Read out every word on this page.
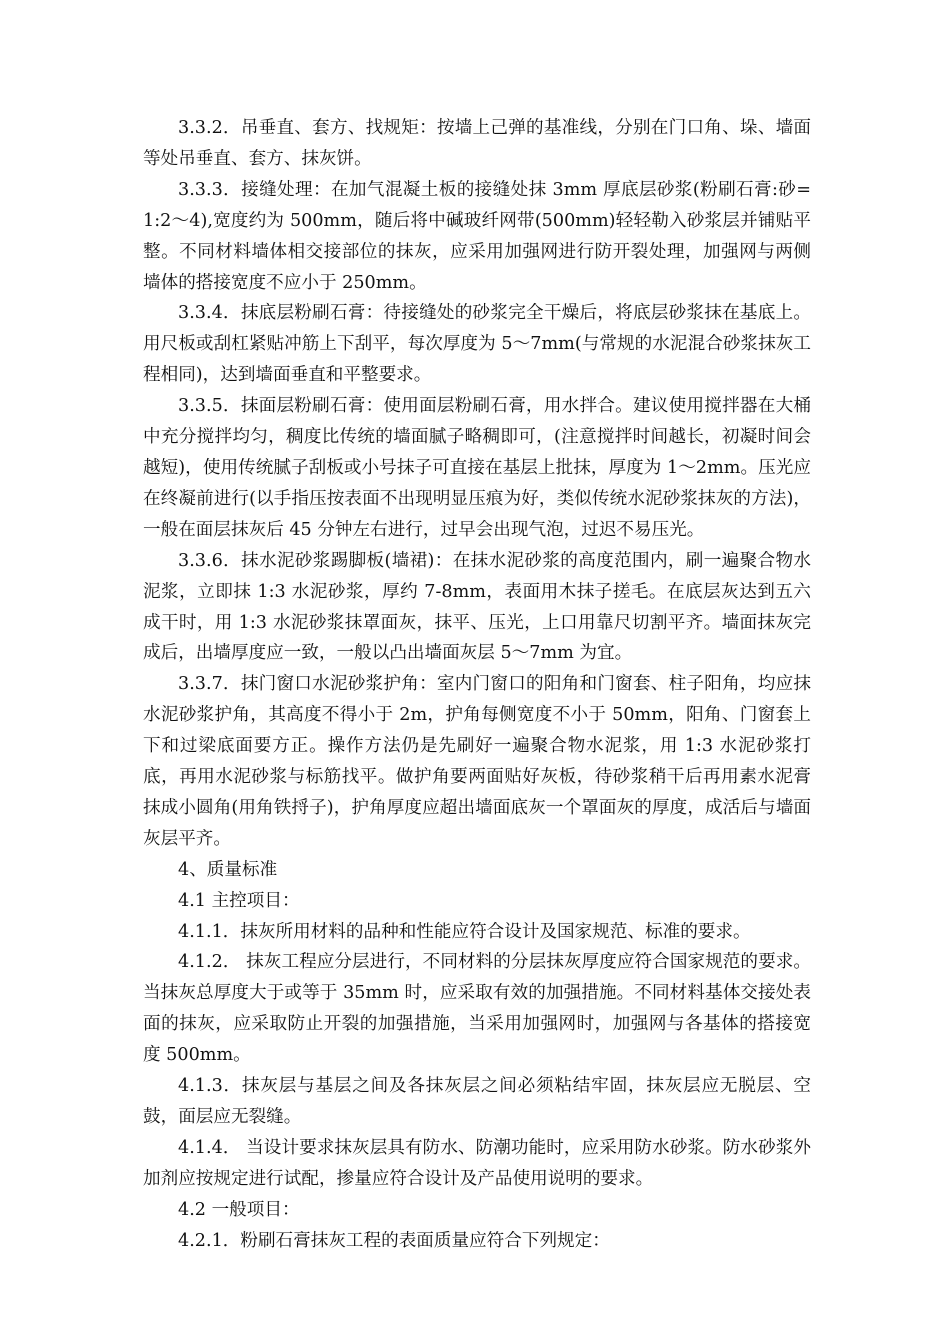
3.3.2．吊垂直、套方、找规矩：按墙上己弹的基准线，分别在门口角、垛、墙面等处吊垂直、套方、抹灰饼。

3.3.3．接缝处理：在加气混凝土板的接缝处抹 3mm 厚底层砂浆(粉刷石膏:砂=1:2～4),宽度约为 500mm，随后将中碱玻纤网带(500mm)轻轻勒入砂浆层并铺贴平整。不同材料墙体相交接部位的抹灰，应采用加强网进行防开裂处理，加强网与两侧墙体的搭接宽度不应小于 250mm。

3.3.4．抹底层粉刷石膏：待接缝处的砂浆完全干燥后，将底层砂浆抹在基底上。用尺板或刮杠紧贴冲筋上下刮平，每次厚度为 5～7mm(与常规的水泥混合砂浆抹灰工程相同)，达到墙面垂直和平整要求。

3.3.5．抹面层粉刷石膏：使用面层粉刷石膏，用水拌合。建议使用搅拌器在大桶中充分搅拌均匀，稠度比传统的墙面腻子略稠即可，(注意搅拌时间越长，初凝时间会越短)，使用传统腻子刮板或小号抹子可直接在基层上批抹，厚度为 1～2mm。压光应在终凝前进行(以手指压按表面不出现明显压痕为好，类似传统水泥砂浆抹灰的方法)，一般在面层抹灰后 45 分钟左右进行，过早会出现气泡，过迟不易压光。

3.3.6．抹水泥砂浆踢脚板(墙裙)：在抹水泥砂浆的高度范围内，刷一遍聚合物水泥浆，立即抹 1:3 水泥砂浆，厚约 7-8mm，表面用木抹子搓毛。在底层灰达到五六成干时，用 1:3 水泥砂浆抹罩面灰，抹平、压光，上口用靠尺切割平齐。墙面抹灰完成后，出墙厚度应一致，一般以凸出墙面灰层 5～7mm 为宜。

3.3.7．抹门窗口水泥砂浆护角：室内门窗口的阳角和门窗套、柱子阳角，均应抹水泥砂浆护角，其高度不得小于 2m，护角每侧宽度不小于 50mm，阳角、门窗套上下和过梁底面要方正。操作方法仍是先刷好一遍聚合物水泥浆，用 1:3 水泥砂浆打底，再用水泥砂浆与标筋找平。做护角要两面贴好灰板，待砂浆稍干后再用素水泥膏抹成小圆角(用角铁捋子)，护角厚度应超出墙面底灰一个罩面灰的厚度，成活后与墙面灰层平齐。

4、质量标准

4.1 主控项目：

4.1.1．抹灰所用材料的品种和性能应符合设计及国家规范、标准的要求。

4.1.2． 抹灰工程应分层进行，不同材料的分层抹灰厚度应符合国家规范的要求。当抹灰总厚度大于或等于 35mm 时，应采取有效的加强措施。不同材料基体交接处表面的抹灰，应采取防止开裂的加强措施，当采用加强网时，加强网与各基体的搭接宽度 500mm。

4.1.3．抹灰层与基层之间及各抹灰层之间必须粘结牢固，抹灰层应无脱层、空鼓，面层应无裂缝。

4.1.4． 当设计要求抹灰层具有防水、防潮功能时，应采用防水砂浆。防水砂浆外加剂应按规定进行试配，掺量应符合设计及产品使用说明的要求。

4.2 一般项目：

4.2.1．粉刷石膏抹灰工程的表面质量应符合下列规定：
